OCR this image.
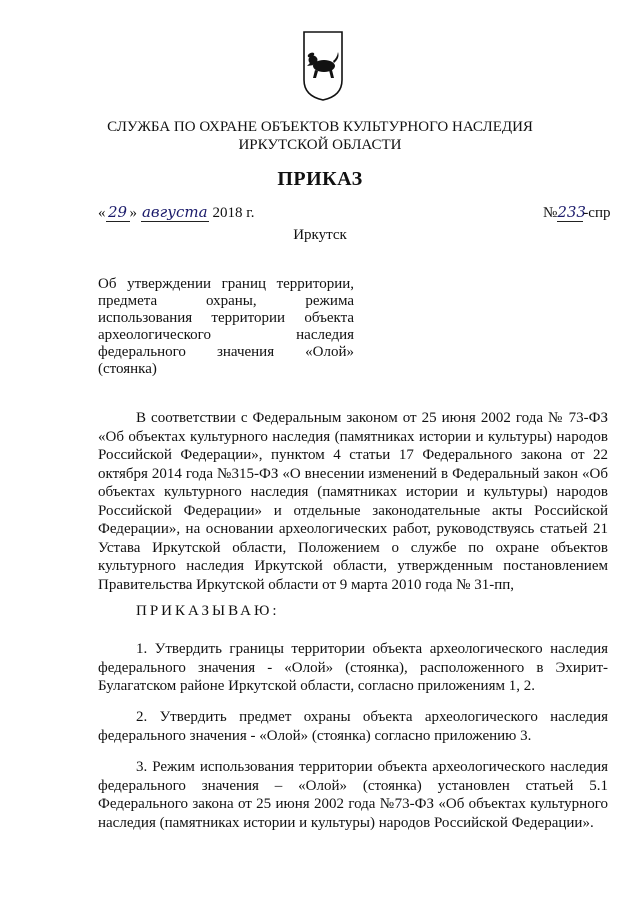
СЛУЖБА ПО ОХРАНЕ ОБЪЕКТОВ КУЛЬТУРНОГО НАСЛЕДИЯ
ИРКУТСКОЙ ОБЛАСТИ
ПРИКАЗ
« 29 » августа 2018 г.	№233-спр
Иркутск
Об утверждении границ территории, предмета охраны, режима использования территории объекта археологического наследия федерального значения «Олой» (стоянка)
В соответствии с Федеральным законом от 25 июня 2002 года № 73-ФЗ «Об объектах культурного наследия (памятниках истории и культуры) народов Российской Федерации», пунктом 4 статьи 17 Федерального закона от 22 октября 2014 года №315-ФЗ «О внесении изменений в Федеральный закон «Об объектах культурного наследия (памятниках истории и культуры) народов Российской Федерации» и отдельные законодательные акты Российской Федерации», на основании археологических работ, руководствуясь статьей 21 Устава Иркутской области, Положением о службе по охране объектов культурного наследия Иркутской области, утвержденным постановлением Правительства Иркутской области от 9 марта 2010 года № 31-пп,
ПРИКАЗЫВАЮ:
1. Утвердить границы территории объекта археологического наследия федерального значения - «Олой» (стоянка), расположенного в Эхирит-Булагатском районе Иркутской области, согласно приложениям 1, 2.
2. Утвердить предмет охраны объекта археологического наследия федерального значения - «Олой» (стоянка) согласно приложению 3.
3. Режим использования территории объекта археологического наследия федерального значения – «Олой» (стоянка) установлен статьей 5.1 Федерального закона от 25 июня 2002 года №73-ФЗ «Об объектах культурного наследия (памятниках истории и культуры) народов Российской Федерации».
